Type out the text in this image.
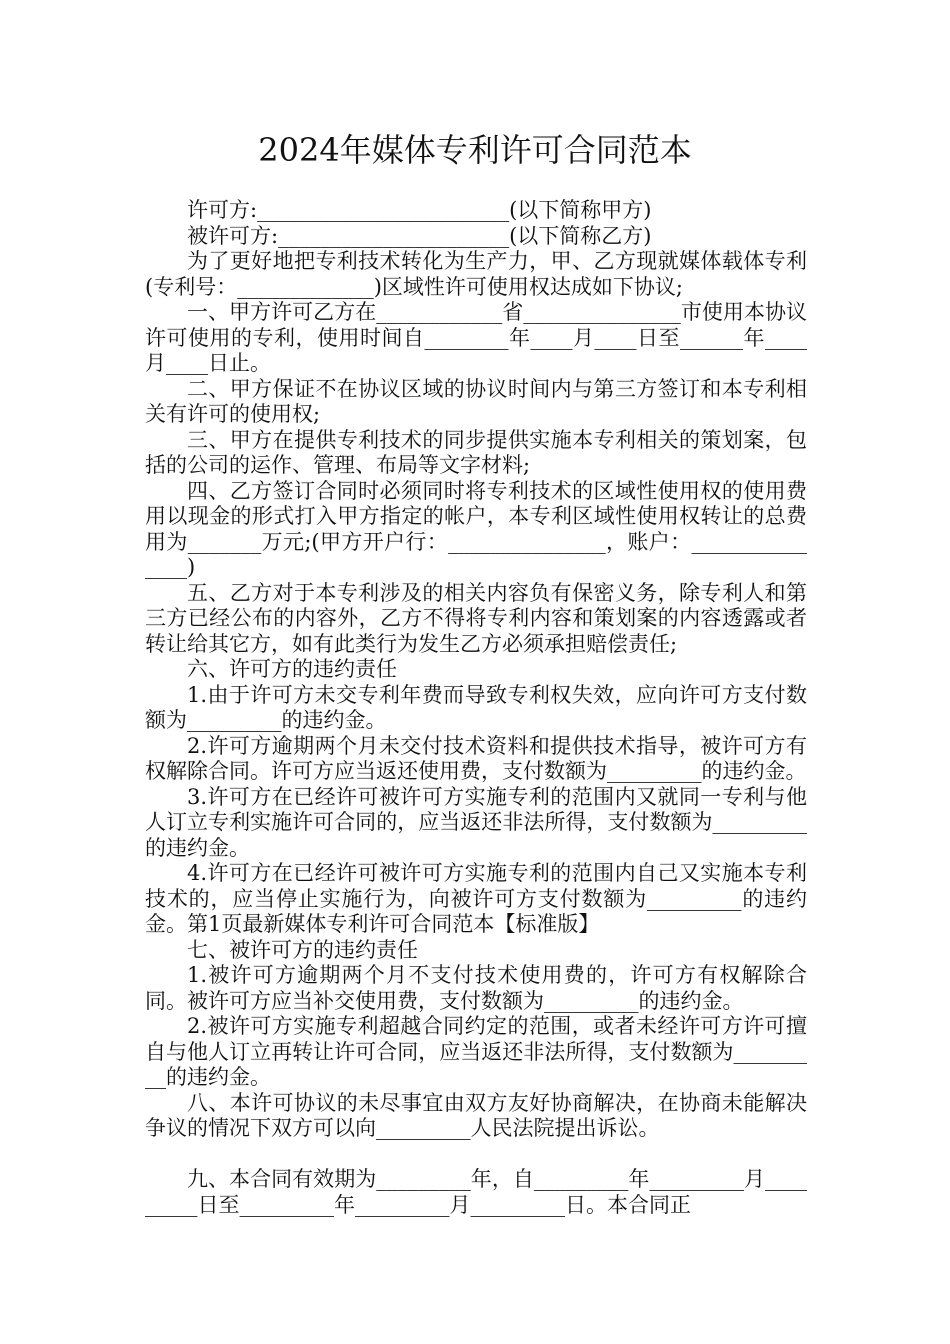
2024年媒体专利许可合同范本

许可方:________________________(以下简称甲方)

被许可方:______________________(以下简称乙方)

为了更好地把专利技术转化为生产力，甲、乙方现就媒体载体专利(专利号：_____________)区域性许可使用权达成如下协议;

一、甲方许可乙方在____________省_______________市使用本协议许可使用的专利，使用时间自________年____月____日至______年____月____日止。

二、甲方保证不在协议区域的协议时间内与第三方签订和本专利相关有许可的使用权;

三、甲方在提供专利技术的同步提供实施本专利相关的策划案，包括的公司的运作、管理、布局等文字材料;

四、乙方签订合同时必须同时将专利技术的区域性使用权的使用费用以现金的形式打入甲方指定的帐户，本专利区域性使用权转让的总费用为_______万元;(甲方开户行：_______________，账户：_______________)

五、乙方对于本专利涉及的相关内容负有保密义务，除专利人和第三方已经公布的内容外，乙方不得将专利内容和策划案的内容透露或者转让给其它方，如有此类行为发生乙方必须承担赔偿责任;

六、许可方的违约责任

1.由于许可方未交专利年费而导致专利权失效，应向许可方支付数额为_________的违约金。

2.许可方逾期两个月未交付技术资料和提供技术指导，被许可方有权解除合同。许可方应当返还使用费，支付数额为_________的违约金。

3.许可方在已经许可被许可方实施专利的范围内又就同一专利与他人订立专利实施许可合同的，应当返还非法所得，支付数额为_________的违约金。

4.许可方在已经许可被许可方实施专利的范围内自己又实施本专利技术的，应当停止实施行为，向被许可方支付数额为_________的违约金。第1页最新媒体专利许可合同范本【标准版】

七、被许可方的违约责任

1.被许可方逾期两个月不支付技术使用费的，许可方有权解除合同。被许可方应当补交使用费，支付数额为_________的违约金。

2.被许可方实施专利超越合同约定的范围，或者未经许可方许可擅自与他人订立再转让许可合同，应当返还非法所得，支付数额为_________的违约金。

八、本许可协议的未尽事宜由双方友好协商解决，在协商未能解决争议的情况下双方可以向_________人民法院提出诉讼。

九、本合同有效期为_________年，自_________年_________月_________日至_________年_________月_________日。本合同正
